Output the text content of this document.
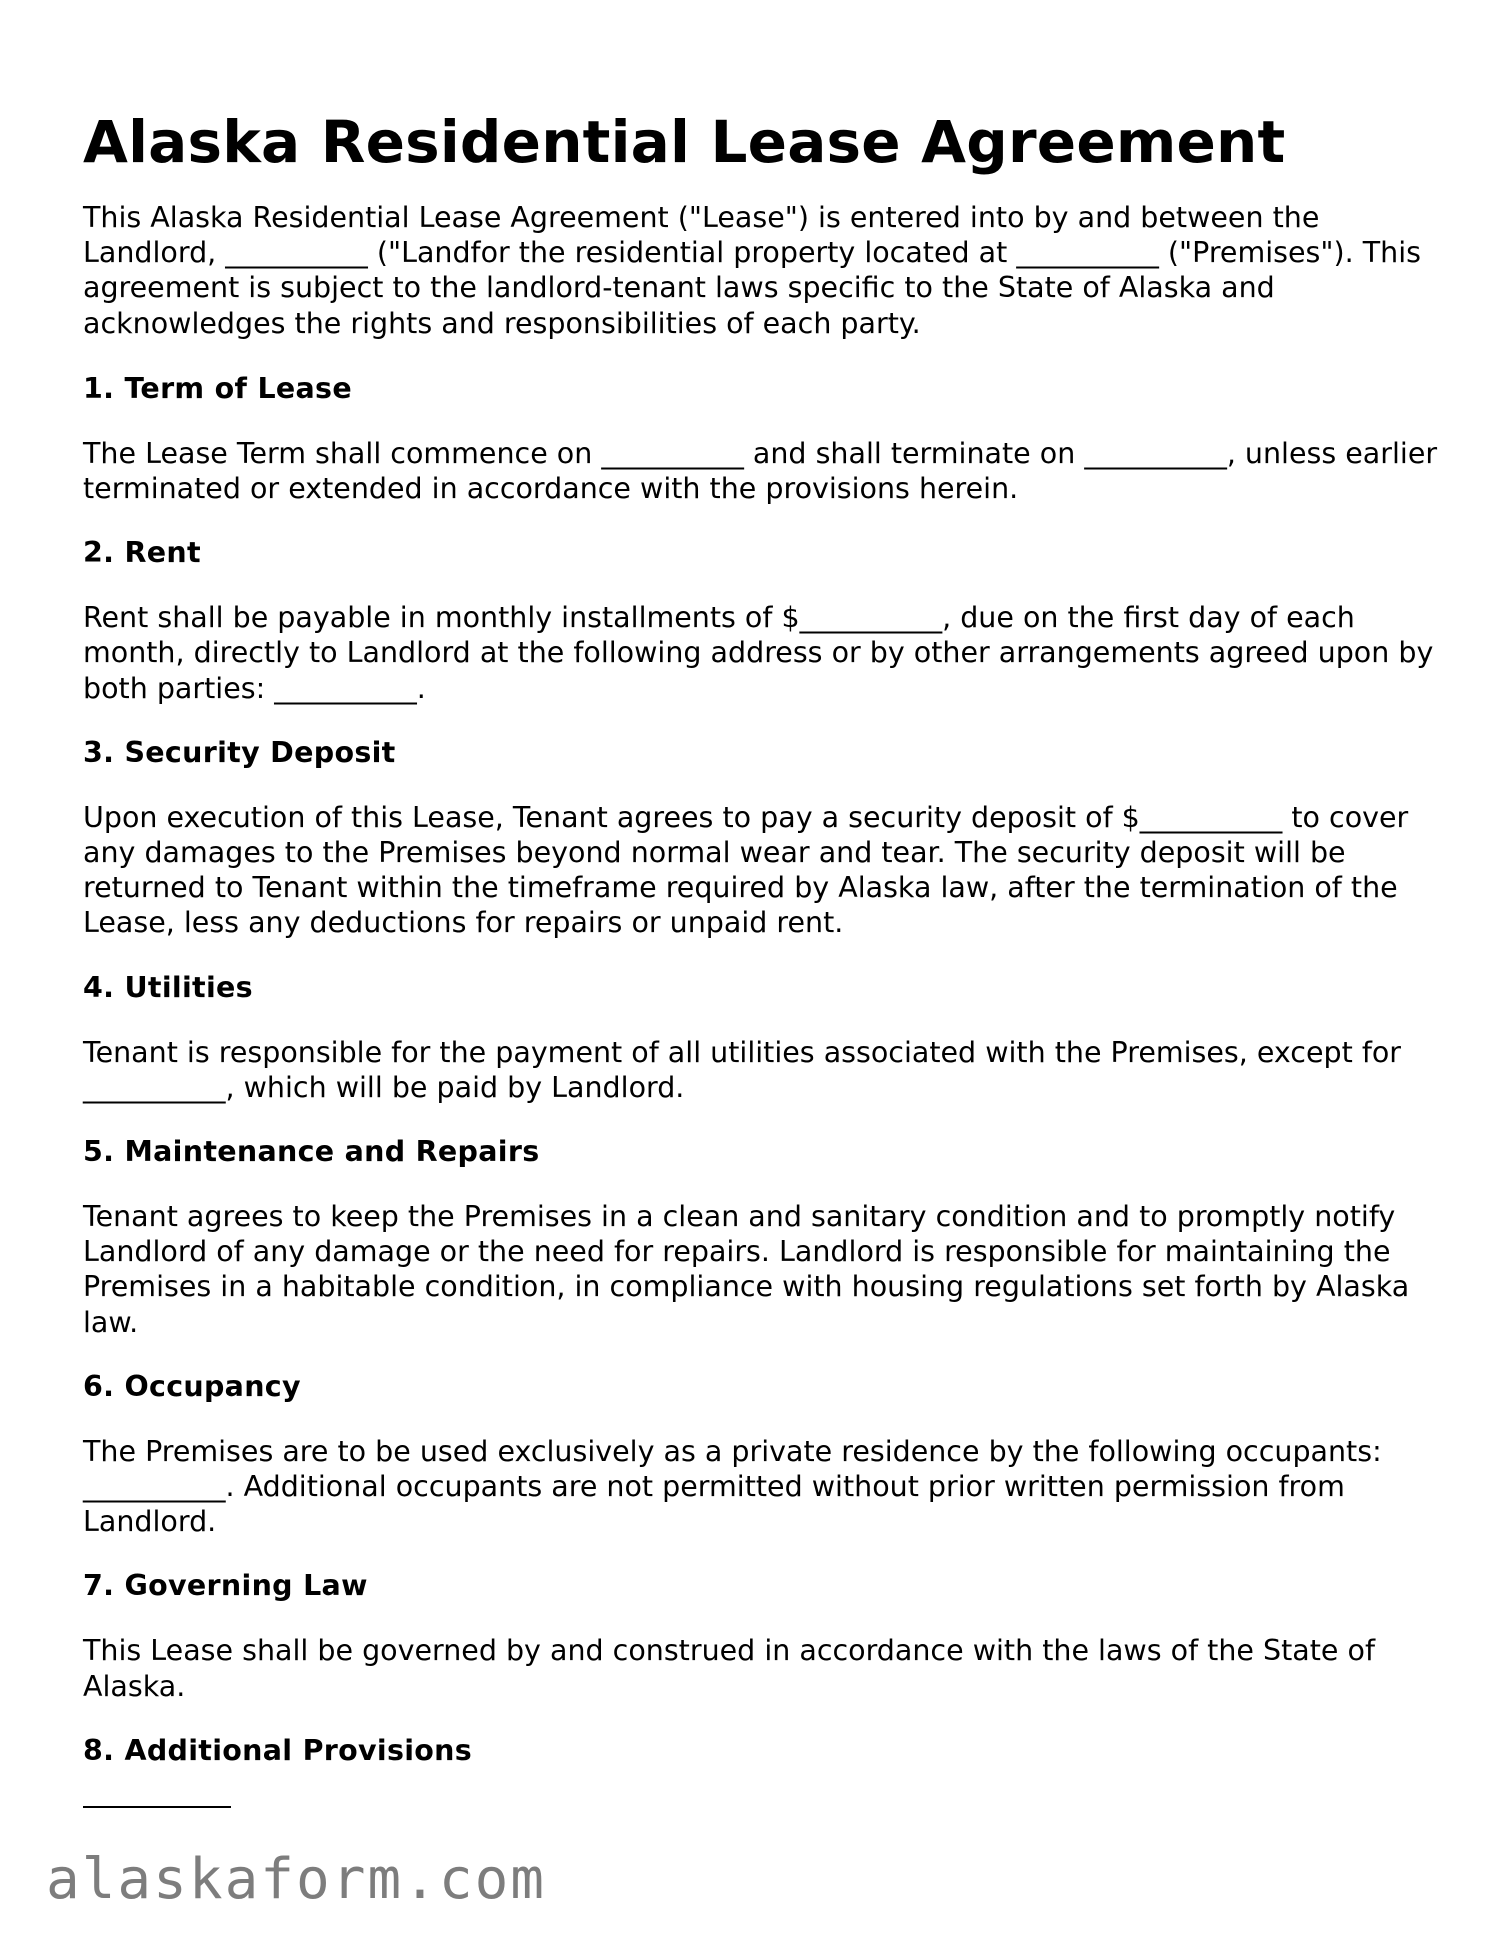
Alaska Residential Lease Agreement

This Alaska Residential Lease Agreement ("Lease") is entered into by and between the Landlord, __________ ("Landfor the residential property located at __________ ("Premises"). This agreement is subject to the landlord-tenant laws specific to the State of Alaska and acknowledges the rights and responsibilities of each party.

1. Term of Lease

The Lease Term shall commence on __________ and shall terminate on __________, unless earlier terminated or extended in accordance with the provisions herein.

2. Rent

Rent shall be payable in monthly installments of $__________, due on the first day of each month, directly to Landlord at the following address or by other arrangements agreed upon by both parties: __________.

3. Security Deposit

Upon execution of this Lease, Tenant agrees to pay a security deposit of $__________ to cover any damages to the Premises beyond normal wear and tear. The security deposit will be returned to Tenant within the timeframe required by Alaska law, after the termination of the Lease, less any deductions for repairs or unpaid rent.

4. Utilities

Tenant is responsible for the payment of all utilities associated with the Premises, except for __________, which will be paid by Landlord.

5. Maintenance and Repairs

Tenant agrees to keep the Premises in a clean and sanitary condition and to promptly notify Landlord of any damage or the need for repairs. Landlord is responsible for maintaining the Premises in a habitable condition, in compliance with housing regulations set forth by Alaska law.

6. Occupancy

The Premises are to be used exclusively as a private residence by the following occupants: __________. Additional occupants are not permitted without prior written permission from Landlord.

7. Governing Law

This Lease shall be governed by and construed in accordance with the laws of the State of Alaska.

8. Additional Provisions
alaskaform.com
